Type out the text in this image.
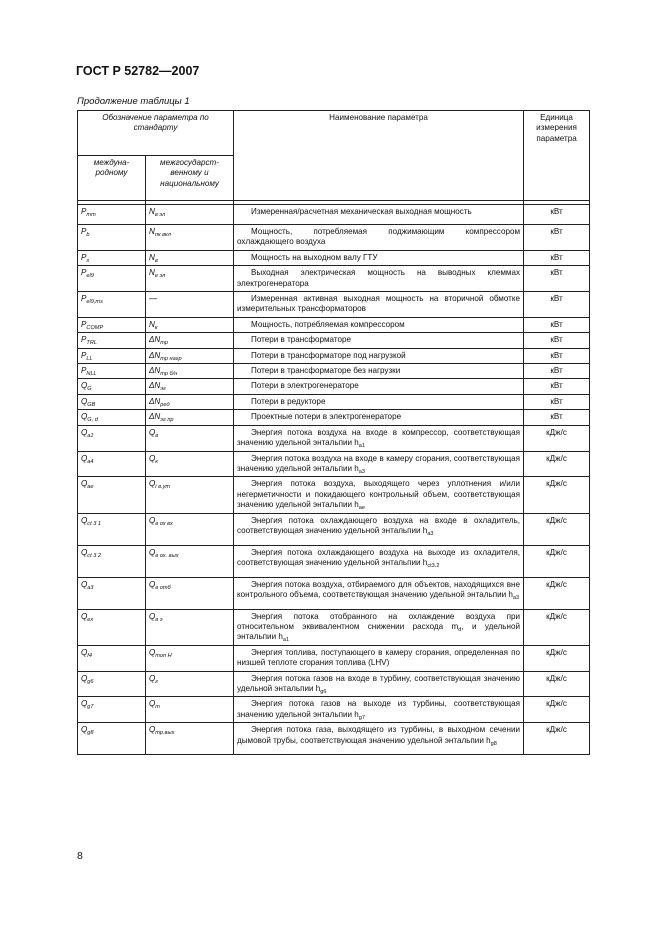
ГОСТ Р 52782—2007
Продолжение таблицы 1
Обозначение параметра по стандарту		Наименование параметра	Единица измерения параметра
междуна- родному	межгосударст- венному и национальному		

$P_{mm}$	$N_{в эл}$	Измеренная/расчетная механическая выходная мощность	кВт
$P_b$	$N_{пк вкл}$	Мощность, потребляемая поджимающим компрессором охлаждающего воздуха	кВт
$P_s$	$N_в$	Мощность на выходном валу ГТУ	кВт
$P_{el9}$	$N_{е эл}$	Выходная электрическая мощность на выводных клеммах электрогенератора	кВт
$P_{el9,ms}$	—	Измеренная активная выходная мощность на вторичной обмотке измерительных трансформаторов	кВт
$P_{COMP}$	$N_к$	Мощность, потребляемая компрессором	кВт
$P_{TRL}$	$\Delta N_{тр}$	Потери в трансформаторе	кВт
$P_{LL}$	$\Delta N_{тр нагр}$	Потери в трансформаторе под нагрузкой	кВт
$P_{NLL}$	$\Delta N_{тр б/н}$	Потери в трансформаторе без нагрузки	кВт
$Q_G$	$\Delta N_{эг}$	Потери в электрогенераторе	кВт
$Q_{GB}$	$\Delta N_{ред}$	Потери в редукторе	кВт
$Q_{G, d}$	$\Delta N_{эг пр}$	Проектные потери в электрогенераторе	кВт
$Q_{a1}$	$Q_в$	Энергия потока воздуха на входе в компрессор, соответствующая значению удельной энтальпии $h_{a1}$	кДж/с
$Q_{a4}$	$Q_к$	Энергия потока воздуха на входе в камеру сгорания, соответствующая значению удельной энтальпии $h_{a3}$	кДж/с
$Q_{ae}$	$Q_{i в.ут}$	Энергия потока воздуха, выходящего через уплотнения и/или негерметичности и покидающего контрольный объем, соответствующая значению удельной энтальпии $h_{ae}$	кДж/с
$Q_{ct 3 1}$	$Q_{в ох вх}$	Энергия потока охлаждающего воздуха на входе в охладитель, соответствующая значению удельной энтальпии $h_{a3}$	кДж/с
$Q_{ct 3 2}$	$Q_{в ох. вых}$	Энергия потока охлаждающего воздуха на выходе из охладителя, соответствующая значению удельной энтальпии $h_{ct3.2}$	кДж/с
$Q_{a3}$	$Q_{в отб}$	Энергия потока воздуха, отбираемого для объектов, находящихся вне контрольного объема, соответствующая значению удельной энтальпии $h_{a3}$	кДж/с
$Q_{ex}$	$Q_{в э}$	Энергия потока отобранного на охлаждение воздуха при относительном эквивалентном снижении расхода $m_d$, и удельной энтальпии $h_{a1}$	кДж/с
$Q_{f4}$	$Q_{топ Н}$	Энергия топлива, поступающего в камеру сгорания, определенная по низшей теплоте сгорания топлива (LHV)	кДж/с
$Q_{g6}$	$Q_г$	Энергия потока газов на входе в турбину, соответствующая значению удельной энтальпии $h_{g6}$	кДж/с
$Q_{g7}$	$Q_т$	Энергия потока газов на выходе из турбины, соответствующая значению удельной энтальпии $h_{g7}$	кДж/с
$Q_{g8}$	$Q_{тр.вых}$	Энергия потока газа, выходящего из турбины, в выходном сечении дымовой трубы, соответствующая значению удельной энтальпии $h_{g8}$	кДж/с
8
